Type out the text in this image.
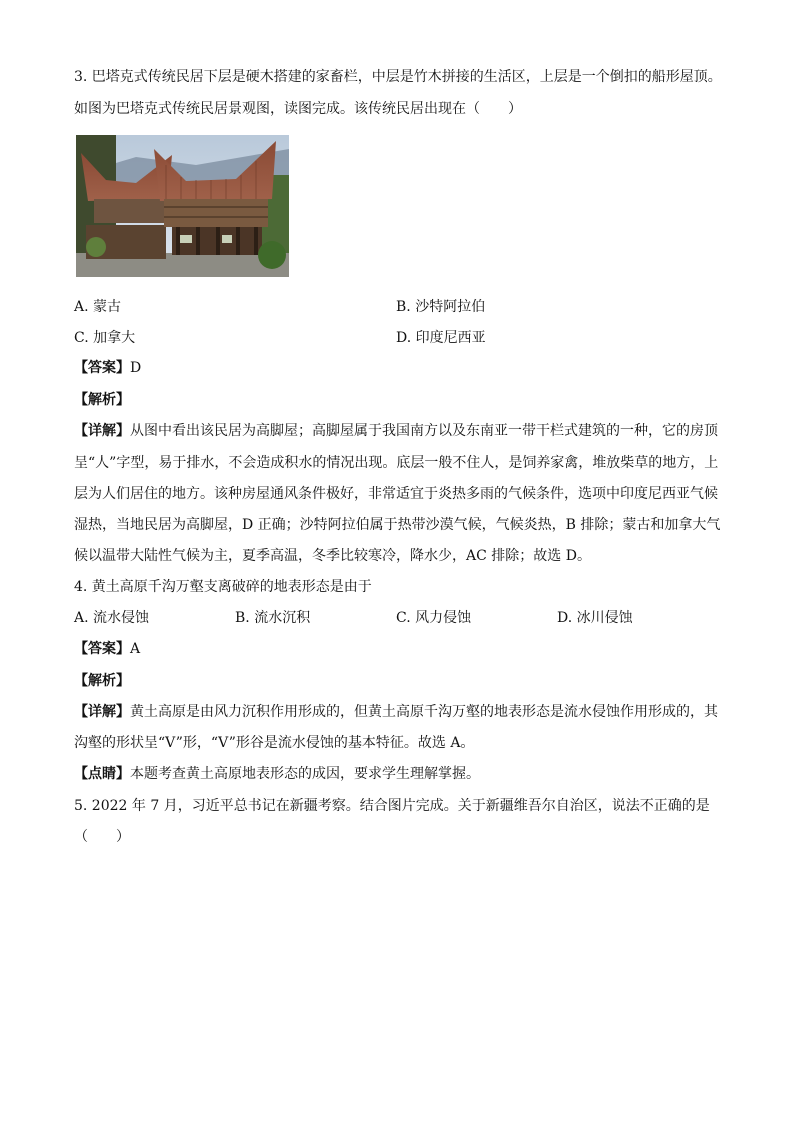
3. 巴塔克式传统民居下层是硬木搭建的家畜栏，中层是竹木拼接的生活区，上层是一个倒扣的船形屋顶。
如图为巴塔克式传统民居景观图，读图完成。该传统民居出现在（　　）
A. 蒙古	B. 沙特阿拉伯
C. 加拿大	D. 印度尼西亚
【答案】D
【解析】
【详解】从图中看出该民居为高脚屋；高脚屋属于我国南方以及东南亚一带干栏式建筑的一种，它的房顶
呈“人”字型，易于排水，不会造成积水的情况出现。底层一般不住人，是饲养家禽，堆放柴草的地方，上
层为人们居住的地方。该种房屋通风条件极好，非常适宜于炎热多雨的气候条件，选项中印度尼西亚气候
湿热，当地民居为高脚屋，D 正确；沙特阿拉伯属于热带沙漠气候，气候炎热，B 排除；蒙古和加拿大气
候以温带大陆性气候为主，夏季高温，冬季比较寒冷，降水少，AC 排除；故选 D。
4. 黄土高原千沟万壑支离破碎的地表形态是由于
A. 流水侵蚀	B. 流水沉积	C. 风力侵蚀	D. 冰川侵蚀
【答案】A
【解析】
【详解】黄土高原是由风力沉积作用形成的，但黄土高原千沟万壑的地表形态是流水侵蚀作用形成的，其
沟壑的形状呈“V”形，“V”形谷是流水侵蚀的基本特征。故选 A。
【点睛】本题考查黄土高原地表形态的成因，要求学生理解掌握。
5. 2022 年 7 月，习近平总书记在新疆考察。结合图片完成。关于新疆维吾尔自治区，说法不正确的是
（　　）
